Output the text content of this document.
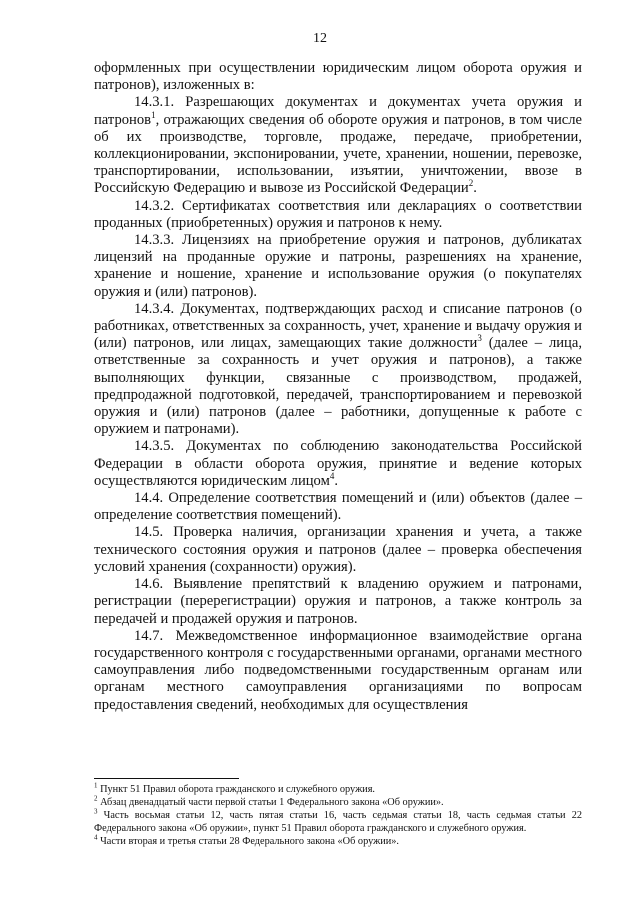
12

оформленных при осуществлении юридическим лицом оборота оружия и патронов), изложенных в:

14.3.1. Разрешающих документах и документах учета оружия и патронов$^1$, отражающих сведения об обороте оружия и патронов, в том числе об их производстве, торговле, продаже, передаче, приобретении, коллекционировании, экспонировании, учете, хранении, ношении, перевозке, транспортировании, использовании, изъятии, уничтожении, ввозе в Российскую Федерацию и вывозе из Российской Федерации$^2$.

14.3.2. Сертификатах соответствия или декларациях о соответствии проданных (приобретенных) оружия и патронов к нему.

14.3.3. Лицензиях на приобретение оружия и патронов, дубликатах лицензий на проданные оружие и патроны, разрешениях на хранение, хранение и ношение, хранение и использование оружия (о покупателях оружия и (или) патронов).

14.3.4. Документах, подтверждающих расход и списание патронов (о работниках, ответственных за сохранность, учет, хранение и выдачу оружия и (или) патронов, или лицах, замещающих такие должности$^3$ (далее – лица, ответственные за сохранность и учет оружия и патронов), а также выполняющих функции, связанные с производством, продажей, предпродажной подготовкой, передачей, транспортированием и перевозкой оружия и (или) патронов (далее – работники, допущенные к работе с оружием и патронами).

14.3.5. Документах по соблюдению законодательства Российской Федерации в области оборота оружия, принятие и ведение которых осуществляются юридическим лицом$^4$.

14.4. Определение соответствия помещений и (или) объектов (далее – определение соответствия помещений).

14.5. Проверка наличия, организации хранения и учета, а также технического состояния оружия и патронов (далее – проверка обеспечения условий хранения (сохранности) оружия).

14.6. Выявление препятствий к владению оружием и патронами, регистрации (перерегистрации) оружия и патронов, а также контроль за передачей и продажей оружия и патронов.

14.7. Межведомственное информационное взаимодействие органа государственного контроля с государственными органами, органами местного самоуправления либо подведомственными государственным органам или органам местного самоуправления организациями по вопросам предоставления сведений, необходимых для осуществления

$^1$ Пункт 51 Правил оборота гражданского и служебного оружия.

$^2$ Абзац двенадцатый части первой статьи 1 Федерального закона «Об оружии».

$^3$ Часть восьмая статьи 12, часть пятая статьи 16, часть седьмая статьи 18, часть седьмая статьи 22 Федерального закона «Об оружии», пункт 51 Правил оборота гражданского и служебного оружия.

$^4$ Части вторая и третья статьи 28 Федерального закона «Об оружии».
